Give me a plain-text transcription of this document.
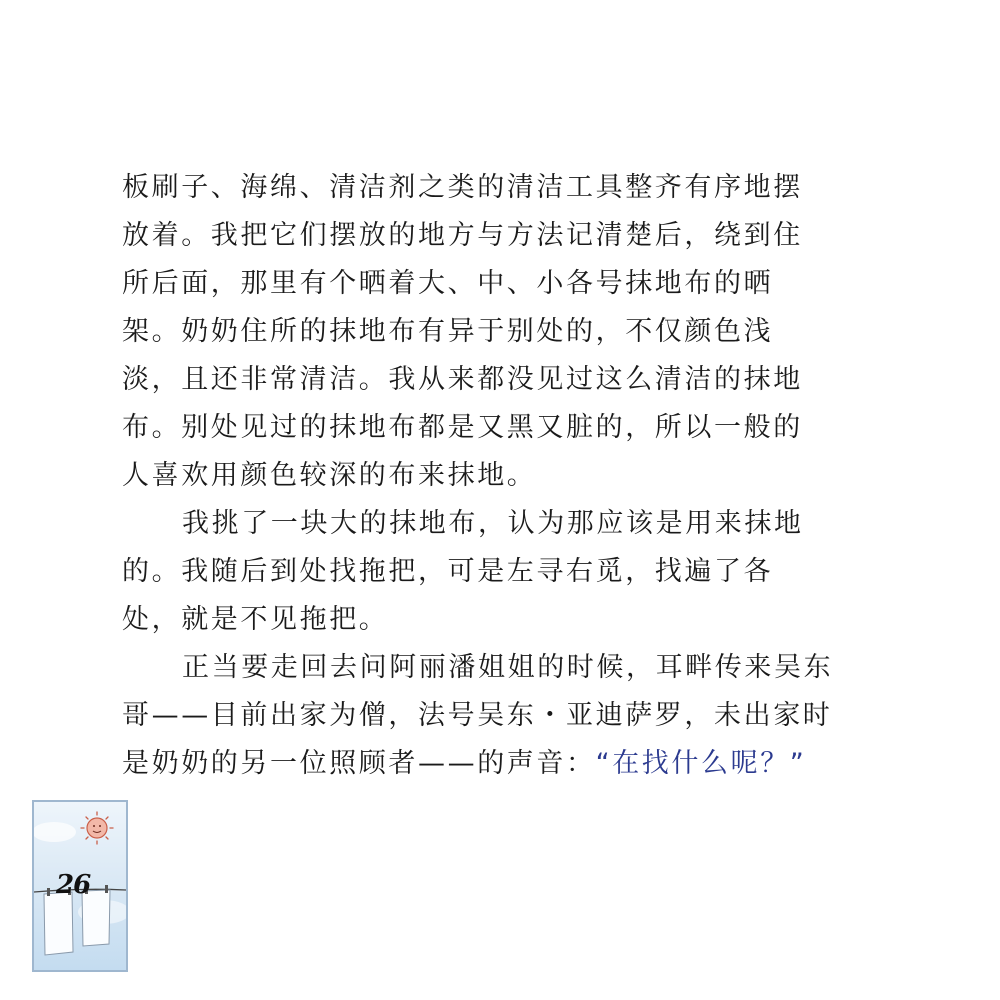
板刷子、海绵、清洁剂之类的清洁工具整齐有序地摆
放着。我把它们摆放的地方与方法记清楚后，绕到住
所后面，那里有个晒着大、中、小各号抹地布的晒
架。奶奶住所的抹地布有异于别处的，不仅颜色浅
淡，且还非常清洁。我从来都没见过这么清洁的抹地
布。别处见过的抹地布都是又黑又脏的，所以一般的
人喜欢用颜色较深的布来抹地。
我挑了一块大的抹地布，认为那应该是用来抹地
的。我随后到处找拖把，可是左寻右觅，找遍了各
处，就是不见拖把。
正当要走回去问阿丽潘姐姐的时候，耳畔传来吴东
哥——目前出家为僧，法号吴东・亚迪萨罗，未出家时
是奶奶的另一位照顾者——的声音：“在找什么呢？”
26
